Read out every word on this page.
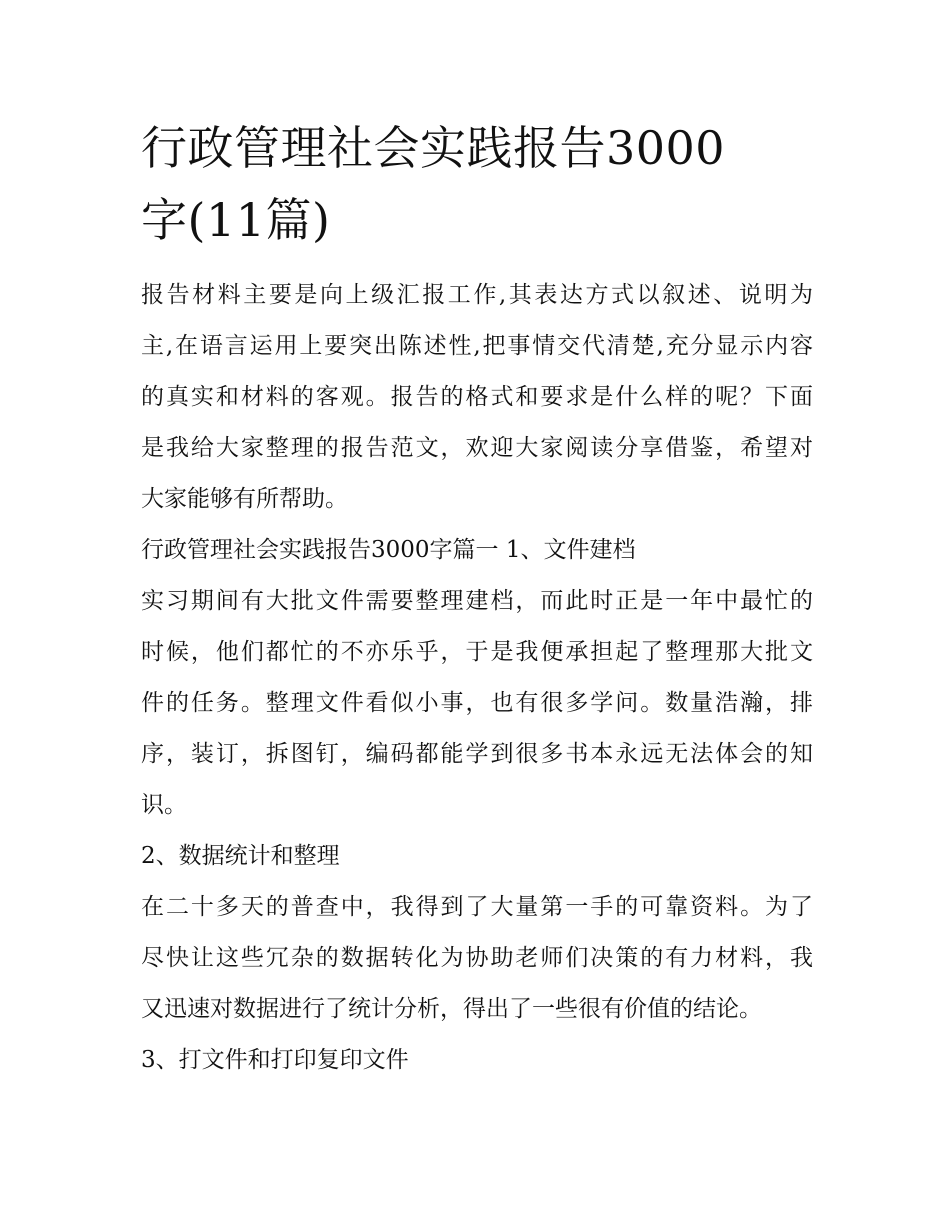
行政管理社会实践报告3000
字(11篇)

报告材料主要是向上级汇报工作,其表达方式以叙述、说明为
主,在语言运用上要突出陈述性,把事情交代清楚,充分显示内容
的真实和材料的客观。报告的格式和要求是什么样的呢？下面
是我给大家整理的报告范文，欢迎大家阅读分享借鉴，希望对
大家能够有所帮助。

行政管理社会实践报告3000字篇一 1、文件建档

实习期间有大批文件需要整理建档，而此时正是一年中最忙的
时候，他们都忙的不亦乐乎，于是我便承担起了整理那大批文
件的任务。整理文件看似小事，也有很多学问。数量浩瀚，排
序，装订，拆图钉，编码都能学到很多书本永远无法体会的知
识。

2、数据统计和整理

在二十多天的普查中，我得到了大量第一手的可靠资料。为了
尽快让这些冗杂的数据转化为协助老师们决策的有力材料，我
又迅速对数据进行了统计分析，得出了一些很有价值的结论。

3、打文件和打印复印文件
